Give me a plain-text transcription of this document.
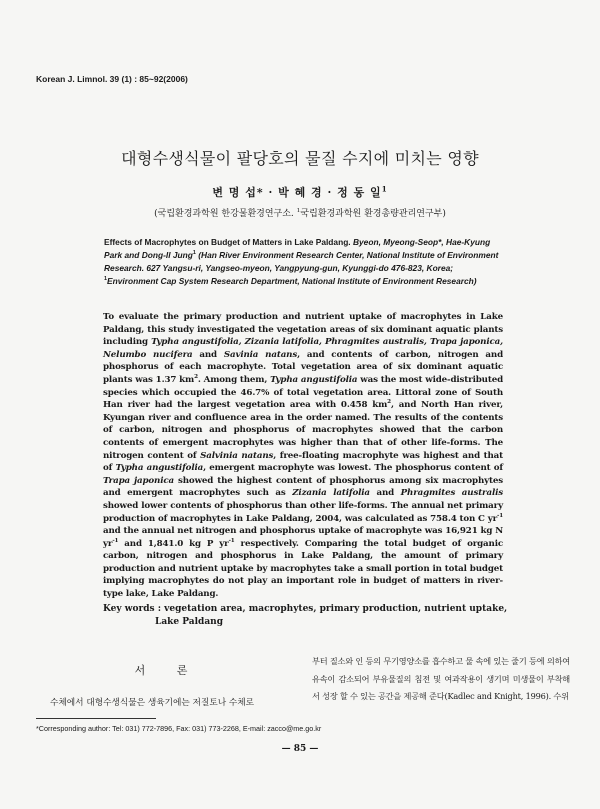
Korean J. Limnol. 39 (1) : 85~92(2006)
대형수생식물이 팔당호의 물질 수지에 미치는 영향
변 명 섭* · 박 혜 경 · 정 동 일$^1$
(국립환경과학원 한강물환경연구소. $^1$국립환경과학원 환경총량관리연구부)
Effects of Macrophytes on Budget of Matters in Lake Paldang. Byeon, Myeong-Seop*, Hae-Kyung Park and Dong-Il Jung$^1$ (Han River Environment Research Center, National Institute of Environment Research. 627 Yangsu-ri, Yangseo-myeon, Yangpyung-gun, Kyunggi-do 476-823, Korea; $^1$Environment Cap System Research Department, National Institute of Environment Research)
To evaluate the primary production and nutrient uptake of macrophytes in Lake Paldang, this study investigated the vegetation areas of six dominant aquatic plants including Typha angustifolia, Zizania latifolia, Phragmites australis, Trapa japonica, Nelumbo nucifera and Savinia natans, and contents of carbon, nitrogen and phosphorus of each macrophyte. Total vegetation area of six dominant aquatic plants was 1.37 $km^2$. Among them, Typha angustifolia was the most wide-distributed species which occupied the 46.7% of total vegetation area. Littoral zone of South Han river had the largest vegetation area with 0.458 $km^2$, and North Han river, Kyungan river and confluence area in the order named. The results of the contents of carbon, nitrogen and phosphorus of macrophytes showed that the carbon contents of emergent macrophytes was higher than that of other life-forms. The nitrogen content of Salvinia natans, free-floating macrophyte was highest and that of Typha angustifolia, emergent macrophyte was lowest. The phosphorus content of Trapa japonica showed the highest content of phosphorus among six macrophytes and emergent macrophytes such as Zizania latifolia and Phragmites australis showed lower contents of phosphorus than other life-forms. The annual net primary production of macrophytes in Lake Paldang, 2004, was calculated as 758.4 ton C $yr^{-1}$ and the annual net nitrogen and phosphorus uptake of macrophyte was 16,921 kg N $yr^{-1}$ and 1,841.0 kg P $yr^{-1}$ respectively. Comparing the total budget of organic carbon, nitrogen and phosphorus in Lake Paldang, the amount of primary production and nutrient uptake by macrophytes take a small portion in total budget implying macrophytes do not play an important role in budget of matters in river-type lake, Lake Paldang.
Key words : vegetation area, macrophytes, primary production, nutrient uptake,
Lake Paldang
서 론
수체에서 대형수생식물은 생육기에는 저질토나 수체로
부터 질소와 인 등의 무기영양소를 흡수하고 물 속에 있는 줄기 등에 의하여 유속이 감소되어 부유물질의 침전 및 여과작용이 생기며 미생물이 부착해서 성장 할 수 있는 공간을 제공해 준다(Kadlec and Knight, 1996). 수위
*Corresponding author: Tel: 031) 772-7896, Fax: 031) 773-2268, E-mail: zacco@me.go.kr
— 85 —
